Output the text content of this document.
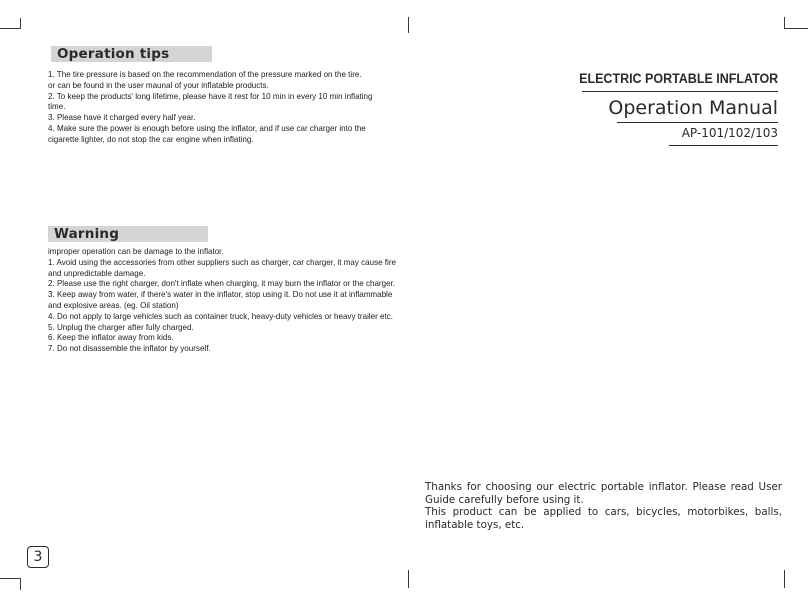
Operation tips
1. The tire pressure is based on the recommendation of the pressure marked on the tire.
or can be found in the user maunal of your inflatable products.
2. To keep the products' long lifetime, please have it rest for 10 min in every 10 min inflating
time.
3. Please have it charged every half year.
4. Make sure the power is enough before using the inflator, and if use car charger into the
cigarette lighter, do not stop the car engine when inflating.
Warning
improper operation can be damage to the inflator.
1. Avoid using the accessories from other suppliers such as charger, car charger, it may cause fire
and unpredictable damage.
2. Please use the right charger, don't inflate when charging, it may burn the inflator or the charger.
3. Keep away from water, if there's water in the inflator, stop using it. Do not use it at inflammable
and explosive areas. (eg. Oil station)
4. Do not apply to large vehicles such as container truck, heavy-duty vehicles or heavy trailer etc.
5. Unplug the charger after fully charged.
6. Keep the inflator away from kids.
7. Do not disassemble the inflator by yourself.
3
ELECTRIC PORTABLE INFLATOR
Operation Manual
AP-101/102/103

Thanks for choosing our electric portable inflator. Please read User Guide carefully before using it.

This product can be applied to cars, bicycles, motorbikes, balls, inflatable toys, etc.
